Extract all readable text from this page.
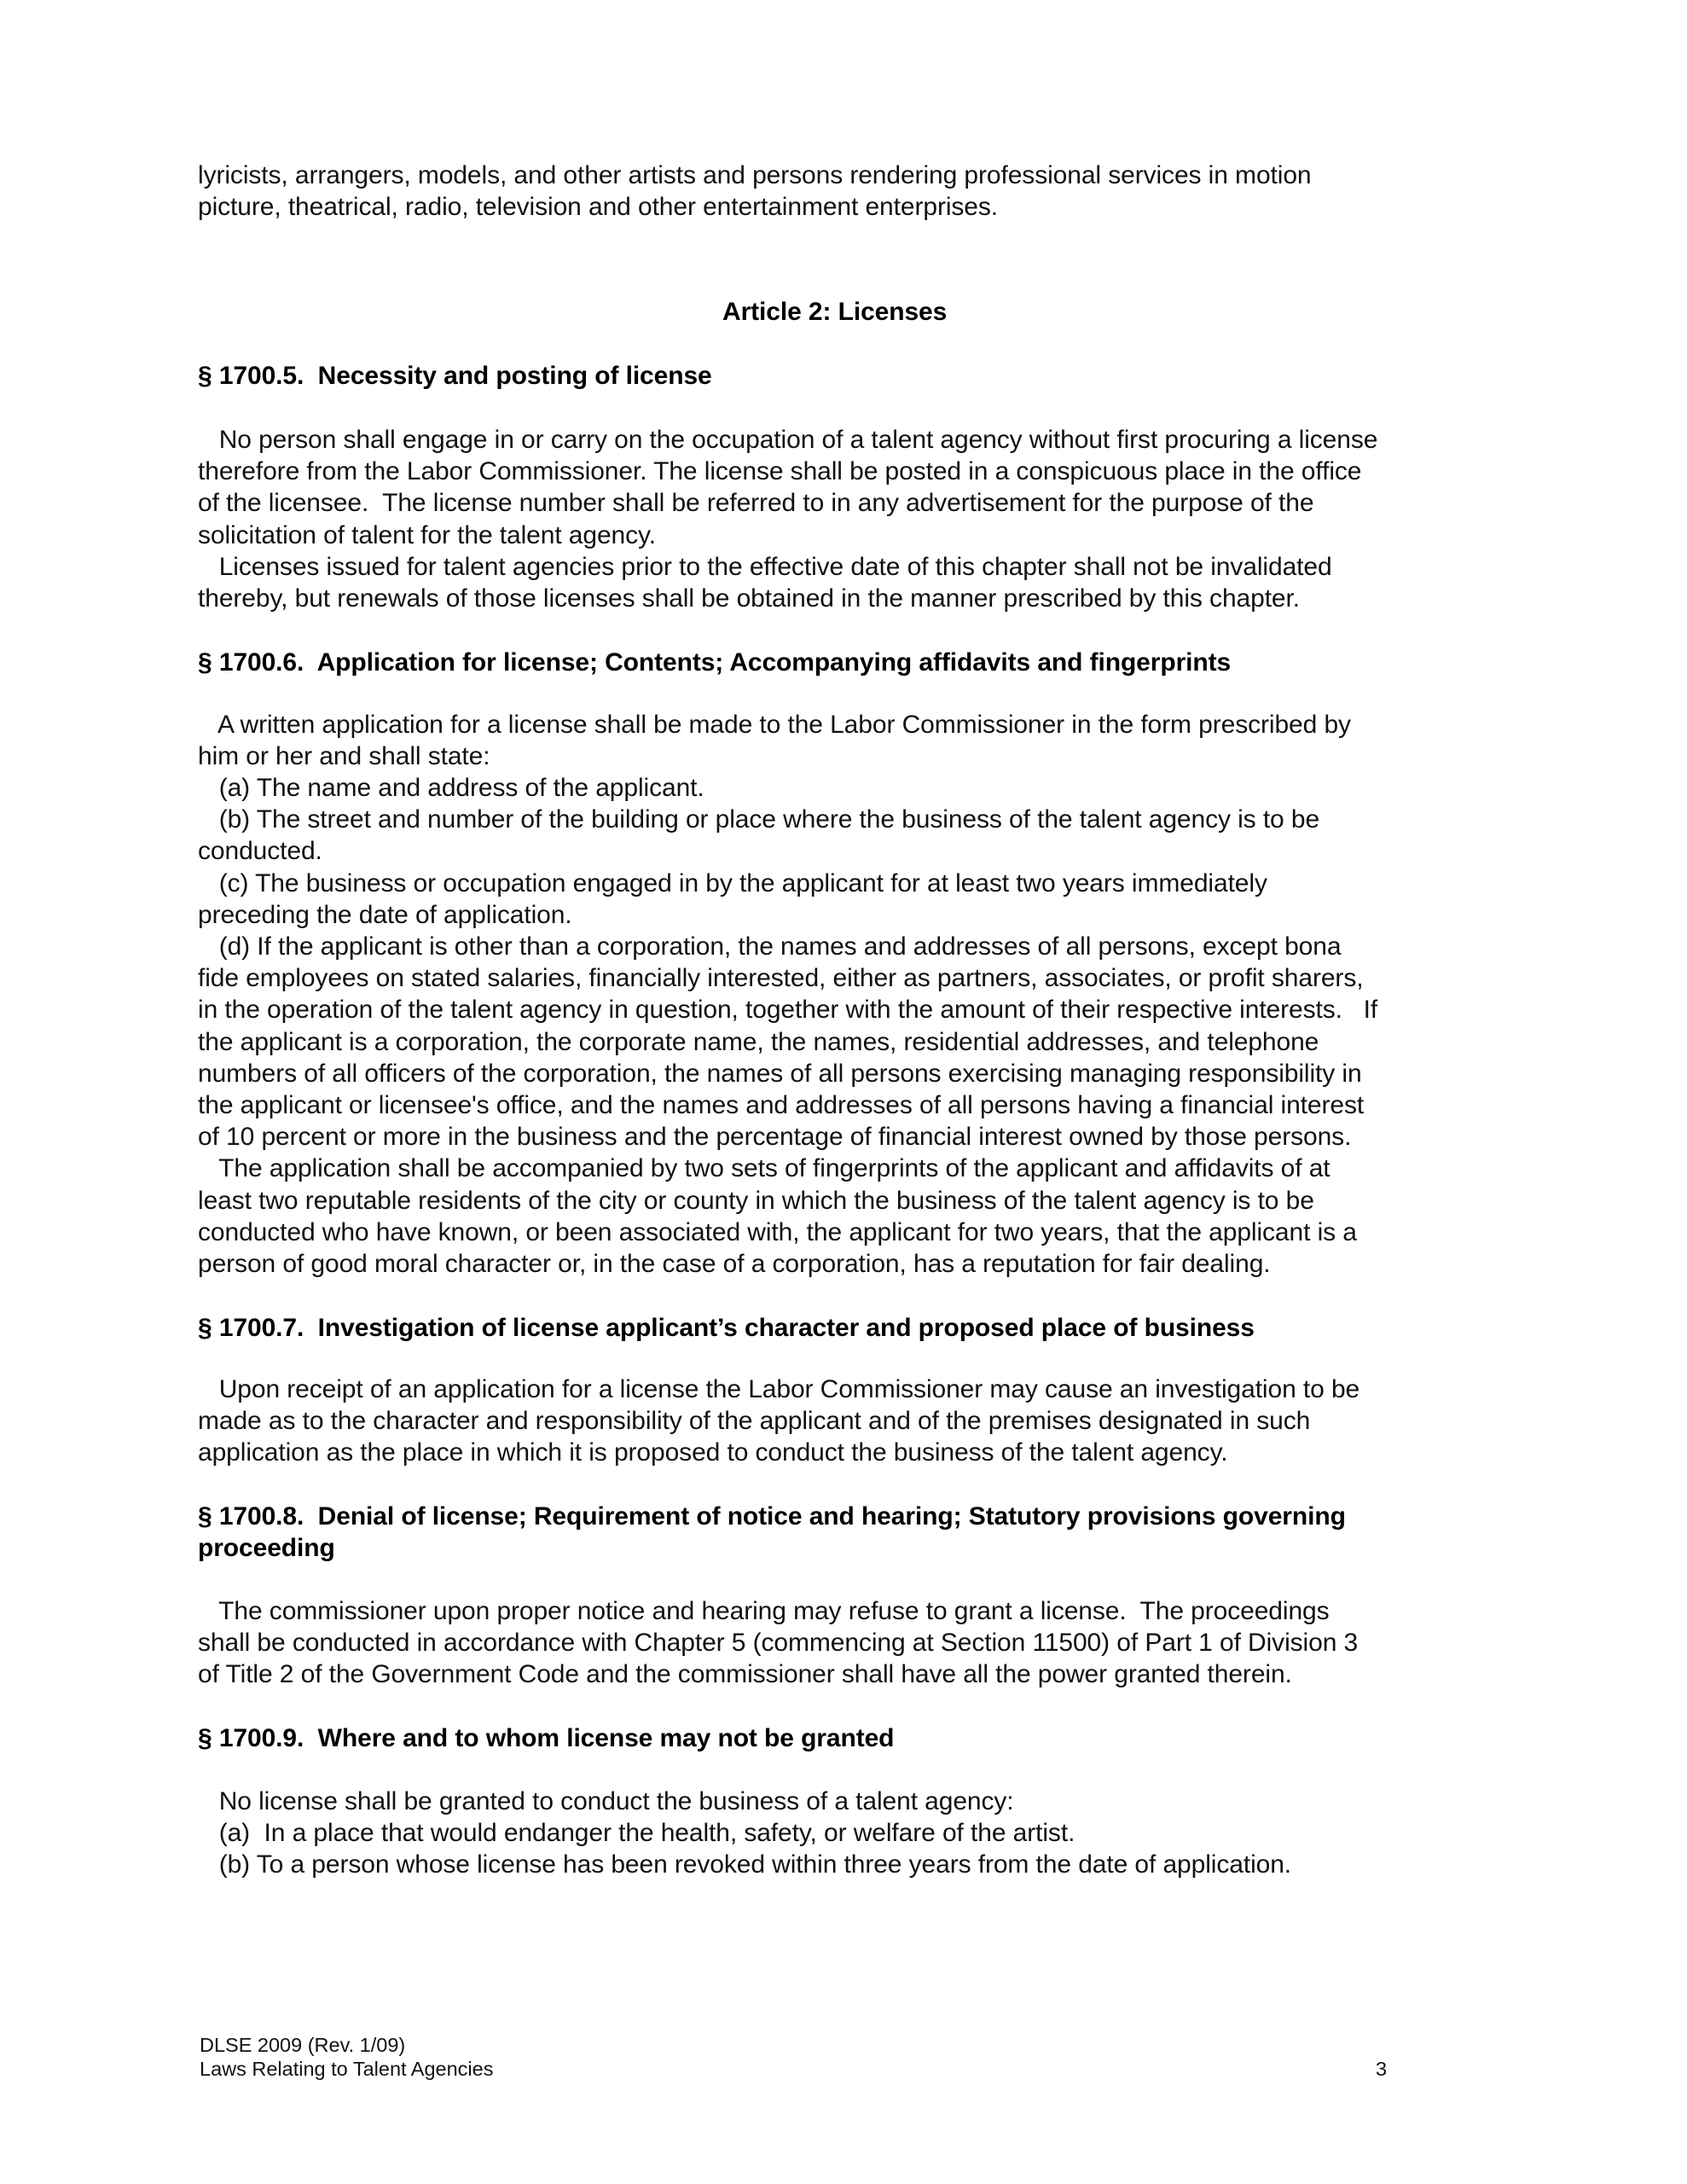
lyricists, arrangers, models, and other artists and persons rendering professional services in motion
picture, theatrical, radio, television and other entertainment enterprises.
Article 2: Licenses
§ 1700.5.  Necessity and posting of license
No person shall engage in or carry on the occupation of a talent agency without first procuring a license
therefore from the Labor Commissioner. The license shall be posted in a conspicuous place in the office
of the licensee.  The license number shall be referred to in any advertisement for the purpose of the
solicitation of talent for the talent agency.
Licenses issued for talent agencies prior to the effective date of this chapter shall not be invalidated
thereby, but renewals of those licenses shall be obtained in the manner prescribed by this chapter.
§ 1700.6.  Application for license; Contents; Accompanying affidavits and fingerprints
A written application for a license shall be made to the Labor Commissioner in the form prescribed by
him or her and shall state:
(a) The name and address of the applicant.
(b) The street and number of the building or place where the business of the talent agency is to be
conducted.
(c) The business or occupation engaged in by the applicant for at least two years immediately
preceding the date of application.
(d) If the applicant is other than a corporation, the names and addresses of all persons, except bona
fide employees on stated salaries, financially interested, either as partners, associates, or profit sharers,
in the operation of the talent agency in question, together with the amount of their respective interests.   If
the applicant is a corporation, the corporate name, the names, residential addresses, and telephone
numbers of all officers of the corporation, the names of all persons exercising managing responsibility in
the applicant or licensee's office, and the names and addresses of all persons having a financial interest
of 10 percent or more in the business and the percentage of financial interest owned by those persons.
The application shall be accompanied by two sets of fingerprints of the applicant and affidavits of at
least two reputable residents of the city or county in which the business of the talent agency is to be
conducted who have known, or been associated with, the applicant for two years, that the applicant is a
person of good moral character or, in the case of a corporation, has a reputation for fair dealing.
§ 1700.7.  Investigation of license applicant’s character and proposed place of business
Upon receipt of an application for a license the Labor Commissioner may cause an investigation to be
made as to the character and responsibility of the applicant and of the premises designated in such
application as the place in which it is proposed to conduct the business of the talent agency.
§ 1700.8.  Denial of license; Requirement of notice and hearing; Statutory provisions governing
proceeding
The commissioner upon proper notice and hearing may refuse to grant a license.  The proceedings
shall be conducted in accordance with Chapter 5 (commencing at Section 11500) of Part 1 of Division 3
of Title 2 of the Government Code and the commissioner shall have all the power granted therein.
§ 1700.9.  Where and to whom license may not be granted
No license shall be granted to conduct the business of a talent agency:
(a)  In a place that would endanger the health, safety, or welfare of the artist.
(b) To a person whose license has been revoked within three years from the date of application.
DLSE 2009 (Rev. 1/09)
Laws Relating to Talent Agencies	3
